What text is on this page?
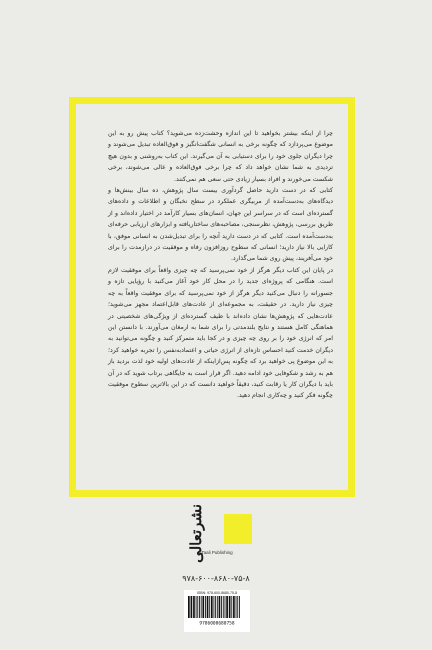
چرا از اینکه بیشتر بخواهید تا این اندازه وحشت‌زده می‌شوید؟ کتاب پیش رو به این موضوع می‌پردازد که چگونه برخی به انسانی شگفت‌انگیز و فوق‌العاده تبدیل می‌شوند و چرا دیگران جلوی خود را برای دستیابی به آن می‌گیرند. این کتاب به‌روشنی و بدون هیچ تردیدی به شما نشان خواهد داد که چرا برخی فوق‌العاده و عالی می‌شوند، برخی شکست می‌خورند و افراد بسیار زیادی حتی سعی هم نمی‌کنند.

کتابی که در دست دارید حاصل گردآوری بیست سال پژوهش، ده سال بینش‌ها و دیدگاه‌های به‌دست‌آمده از مربیگری عملکرد در سطح نخبگان و اطلاعات و داده‌های گسترده‌ای است که در سراسر این جهان، انسان‌های بسیار کارآمد در اختیار داده‌اند و از طریق بررسی، پژوهش، نظرسنجی، مصاحبه‌های ساختاریافته و ابزارهای ارزیابی حرفه‌ای به‌دست‌آمده است. کتابی که در دست دارید آنچه را برای تبدیل‌شدن به انسانی موفق، با کارایی بالا نیاز دارید؛ انسانی که سطوح روزافزون رفاه و موفقیت در درازمدت را برای خود می‌آفریند، پیش روی شما می‌گذارد.

در پایان این کتاب دیگر هرگز از خود نمی‌پرسید که چه چیزی واقعاً برای موفقیت لازم است. هنگامی که پروژه‌ای جدید را در محل کار خود آغاز می‌کنید با رؤیایی تازه و جسورانه را دنبال می‌کنید دیگر هرگز از خود نمی‌پرسید که برای موفقیت واقعاً به چه چیزی نیاز دارید. در حقیقت، به مجموعه‌ای از عادت‌های قابل‌اعتماد مجهز می‌شوید؛ عادت‌هایی که پژوهش‌ها نشان داده‌اند با طیف گسترده‌ای از ویژگی‌های شخصیتی در هماهنگی کامل هستند و نتایج بلندمدتی را برای شما به ارمغان می‌آورند. با دانستن این امر که انرژی خود را بر روی چه چیزی و در کجا باید متمرکز کنید و چگونه می‌توانید به دیگران خدمت کنید احساس تازه‌ای از انرژی حیاتی و اعتمادبه‌نفس را تجربه خواهید کرد؛ به این موضوع پی خواهید برد که چگونه پس‌ازاینکه از عادت‌های اولیه خود لذت بردید باز هم به رشد و شکوفایی خود ادامه دهید. اگر قرار است به جایگاهی برتاب شوید که در آن باید با دیگران کار یا رقابت کنید، دقیقاً خواهید دانست که در این بالاترین سطوح موفقیت چگونه فکر کنید و چه‌کاری انجام دهید.

نشرتعالی
Taali Publishing
۹۷۸-۶۰۰-۸۶۸۰-۷۵-۸
ISBN: 978-600-8680-75-8
9786008680758
